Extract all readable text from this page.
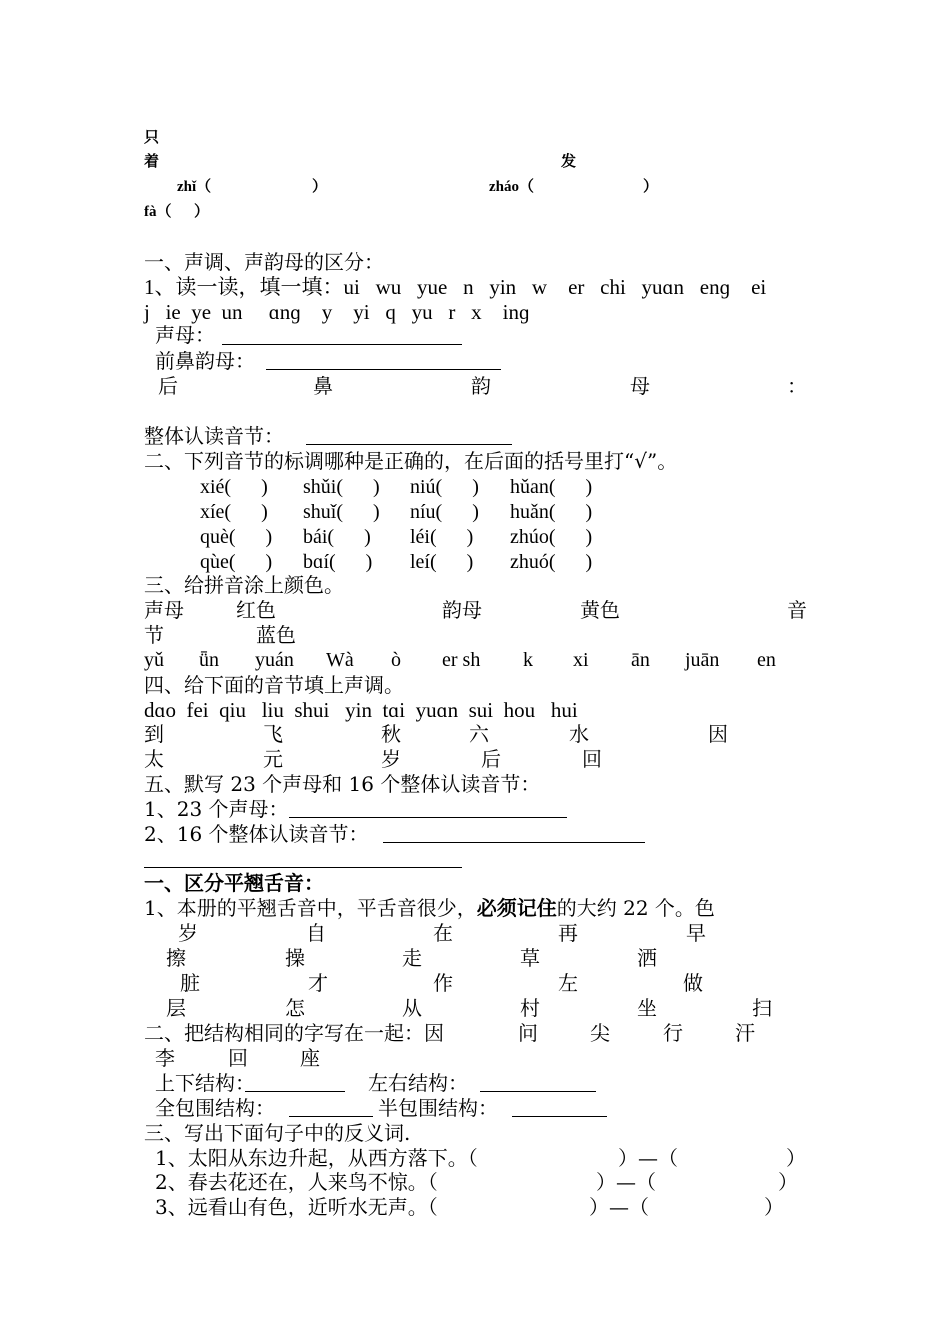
只
着	发
zhǐ（	）	zháo（	）
fà（      ）
一、声调、声韵母的区分：
1、读一读，填一填：ui   wu   yue   n   yin   w    er   chi   yuɑn   enɡ    ei
j   ie  ye  un     ɑnɡ    y    yi   q   yu   r   x    inɡ
声母：
前鼻韵母：
后	鼻	韵	母	：
整体认读音节：
二、下列音节的标调哪种是正确的，在后面的括号里打“√”。
xié(      ) shǔi(      ) niú(      ) hǔan(      )
xíe(      ) shuǐ(      ) níu(      ) huǎn(      )
què(      ) bái(      ) léi(      ) zhúo(      )
qùe(      ) bɑí(      ) leí(      ) zhuó(      )
三、给拼音涂上颜色。
声母	红色	韵母	黄色	音
节	蓝色
yǔ ǖn yuán Wà ò er sh k xi ān juān en
四、给下面的音节填上声调。
dɑo  fei  qiu   liu  shui   yin  tɑi  yuɑn  sui  hou   hui
到	飞	秋	六	水	因
太	元	岁	后	回
五、默写 23 个声母和 16 个整体认读音节：
1、23 个声母：
2、16 个整体认读音节：
一、区分平翘舌音：
1、本册的平翘舌音中，平舌音很少，必须记住的大约 22 个。色
岁	自	在	再	早
擦	操	走	草	洒
脏	才	作	左	做
层	怎	从	村	坐	扫
二、把结构相同的字写在一起：因	问	尖	行	汗
李	回	座
上下结构：	左右结构：
全包围结构：	半包围结构：
三、写出下面句子中的反义词.
1、太阳从东边升起，从西方落下。（	）—（	）
2、春去花还在，人来鸟不惊。（	）—（	）
3、远看山有色，近听水无声。（	）—（	）
